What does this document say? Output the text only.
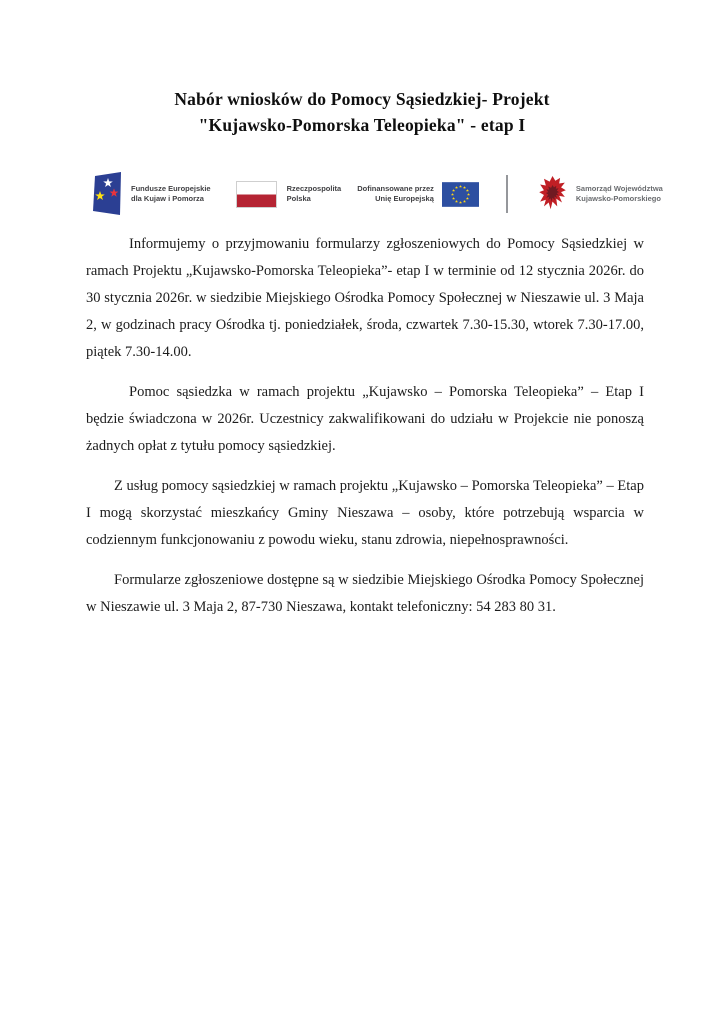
Nabór wniosków do Pomocy Sąsiedzkiej- Projekt
"Kujawsko-Pomorska Teleopieka" - etap I
Fundusze Europejskie
dla Kujaw i Pomorza
Rzeczpospolita
Polska
Dofinansowane przez
Unię Europejską
Samorząd Województwa
Kujawsko-Pomorskiego

Informujemy o przyjmowaniu formularzy zgłoszeniowych do Pomocy Sąsiedzkiej w ramach Projektu „Kujawsko-Pomorska Teleopieka”- etap I w terminie od 12 stycznia 2026r. do 30 stycznia 2026r. w siedzibie Miejskiego Ośrodka Pomocy Społecznej w Nieszawie ul. 3 Maja 2, w godzinach pracy Ośrodka tj. poniedziałek, środa, czwartek 7.30-15.30, wtorek 7.30-17.00, piątek 7.30-14.00.

Pomoc sąsiedzka w ramach projektu „Kujawsko – Pomorska Teleopieka” – Etap I będzie świadczona w 2026r. Uczestnicy zakwalifikowani do udziału w Projekcie nie ponoszą żadnych opłat z tytułu pomocy sąsiedzkiej.

Z usług pomocy sąsiedzkiej w ramach projektu „Kujawsko – Pomorska Teleopieka” – Etap I mogą skorzystać mieszkańcy Gminy Nieszawa – osoby, które potrzebują wsparcia w codziennym funkcjonowaniu z powodu wieku, stanu zdrowia, niepełnosprawności.

Formularze zgłoszeniowe dostępne są w siedzibie Miejskiego Ośrodka Pomocy Społecznej w Nieszawie ul. 3 Maja 2, 87-730 Nieszawa, kontakt telefoniczny: 54 283 80 31.
